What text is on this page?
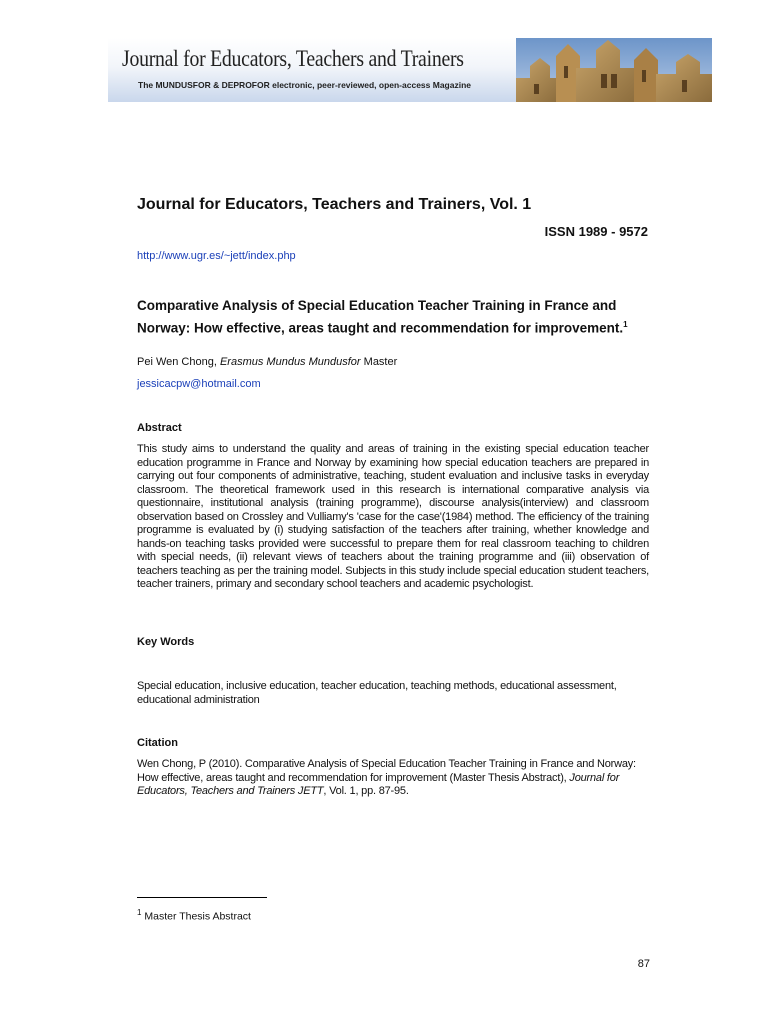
Journal for Educators, Teachers and Trainers
The MUNDUSFOR & DEPROFOR electronic, peer-reviewed, open-access Magazine
Journal for Educators, Teachers and Trainers, Vol. 1
ISSN 1989 - 9572
http://www.ugr.es/~jett/index.php
Comparative Analysis of Special Education Teacher Training in France and Norway: How effective, areas taught and recommendation for improvement.$^1$
Pei Wen Chong, Erasmus Mundus Mundusfor Master
jessicacpw@hotmail.com
Abstract
This study aims to understand the quality and areas of training in the existing special education teacher education programme in France and Norway by examining how special education teachers are prepared in carrying out four components of administrative, teaching, student evaluation and inclusive tasks in everyday classroom. The theoretical framework used in this research is international comparative analysis via questionnaire, institutional analysis (training programme), discourse analysis(interview) and classroom observation based on Crossley and Vulliamy's 'case for the case'(1984) method. The efficiency of the training programme is evaluated by (i) studying satisfaction of the teachers after training, whether knowledge and hands-on teaching tasks provided were successful to prepare them for real classroom teaching to children with special needs, (ii) relevant views of teachers about the training programme and (iii) observation of teachers teaching as per the training model. Subjects in this study include special education student teachers, teacher trainers, primary and secondary school teachers and academic psychologist.
Key Words
Special education, inclusive education, teacher education, teaching methods, educational assessment, educational administration
Citation
Wen Chong, P (2010). Comparative Analysis of Special Education Teacher Training in France and Norway: How effective, areas taught and recommendation for improvement (Master Thesis Abstract), Journal for Educators, Teachers and Trainers JETT, Vol. 1, pp. 87-95.
$^1$ Master Thesis Abstract
87
